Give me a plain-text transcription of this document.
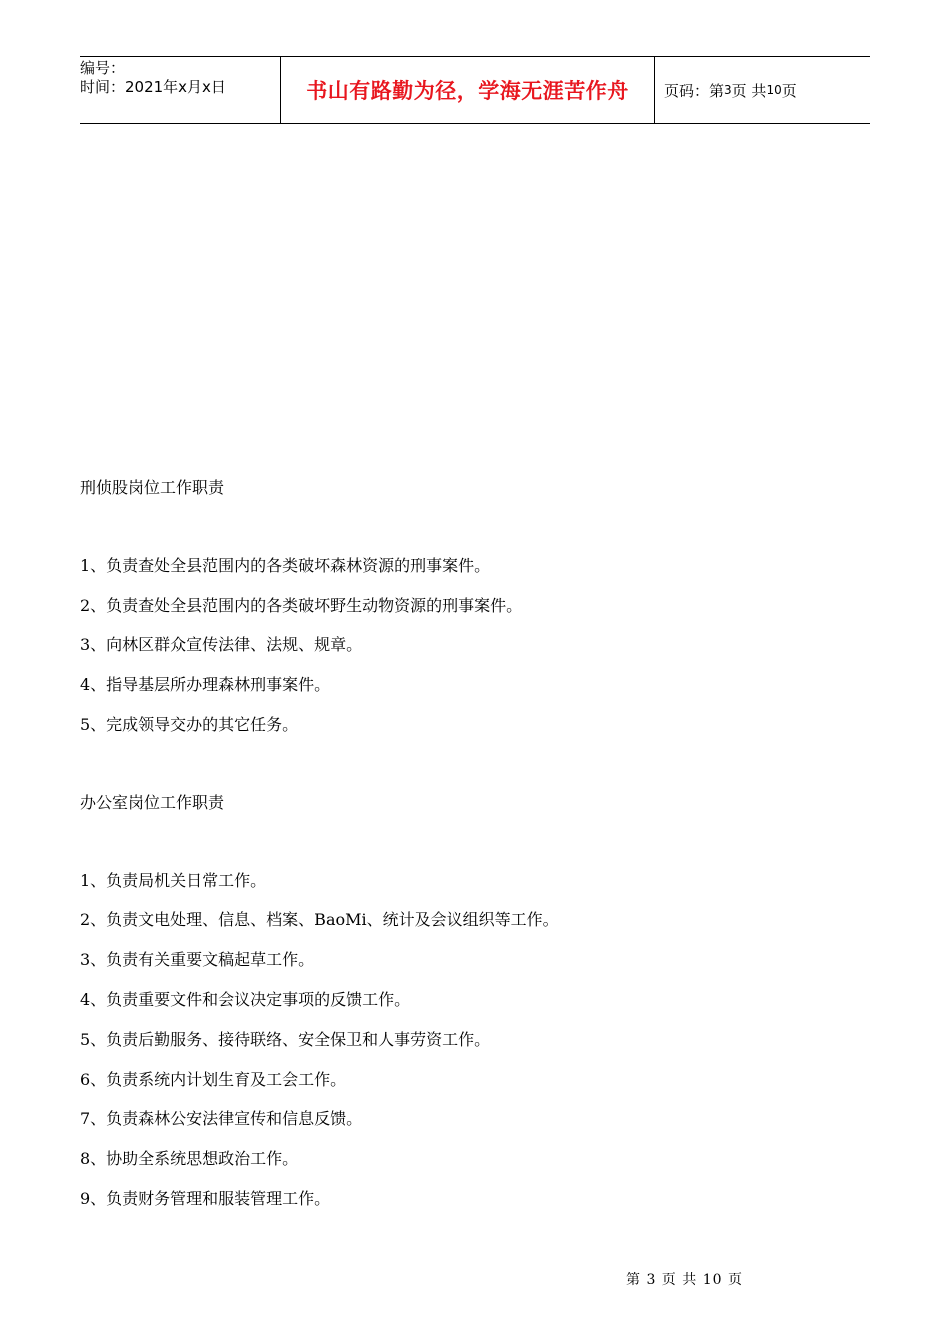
编号：
时间：2021年x月x日	书山有路勤为径，学海无涯苦作舟	页码：第 3 页 共 10 页
刑侦股岗位工作职责
1、负责查处全县范围内的各类破坏森林资源的刑事案件。
2、负责查处全县范围内的各类破坏野生动物资源的刑事案件。
3、向林区群众宣传法律、法规、规章。
4、指导基层所办理森林刑事案件。
5、完成领导交办的其它任务。
办公室岗位工作职责
1、负责局机关日常工作。
2、负责文电处理、信息、档案、BaoMi、统计及会议组织等工作。
3、负责有关重要文稿起草工作。
4、负责重要文件和会议决定事项的反馈工作。
5、负责后勤服务、接待联络、安全保卫和人事劳资工作。
6、负责系统内计划生育及工会工作。
7、负责森林公安法律宣传和信息反馈。
8、协助全系统思想政治工作。
9、负责财务管理和服装管理工作。
第 3 页 共 10 页
